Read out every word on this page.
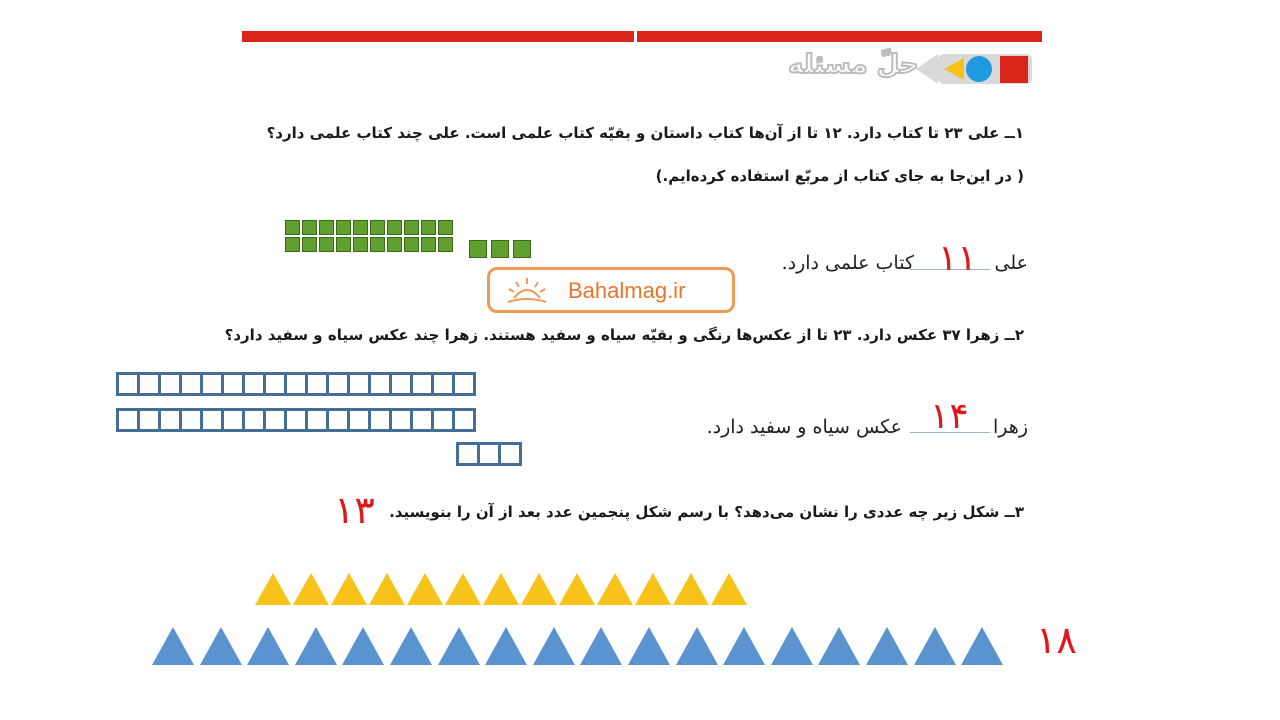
حلّ مسئله
۱ــ علی ۲۳ تا کتاب دارد. ۱۲ تا از آن‌ها کتاب داستان و بقیّه کتاب علمی است. علی چند کتاب علمی دارد؟
( در این‌جا به جای کتاب از مربّع استفاده کرده‌ایم.)
علی
۱۱
کتاب علمی دارد.
Bahalmag.ir
۲ــ زهرا ۳۷ عکس دارد. ۲۳ تا از عکس‌ها رنگی و بقیّه سیاه و سفید هستند. زهرا چند عکس سیاه و سفید دارد؟
زهرا
۱۴
عکس سیاه و سفید دارد.
۳ــ شکل زیر چه عددی را نشان می‌دهد؟ با رسم شکل پنجمین عدد بعد از آن را بنویسید.
۱۳
۱۸
